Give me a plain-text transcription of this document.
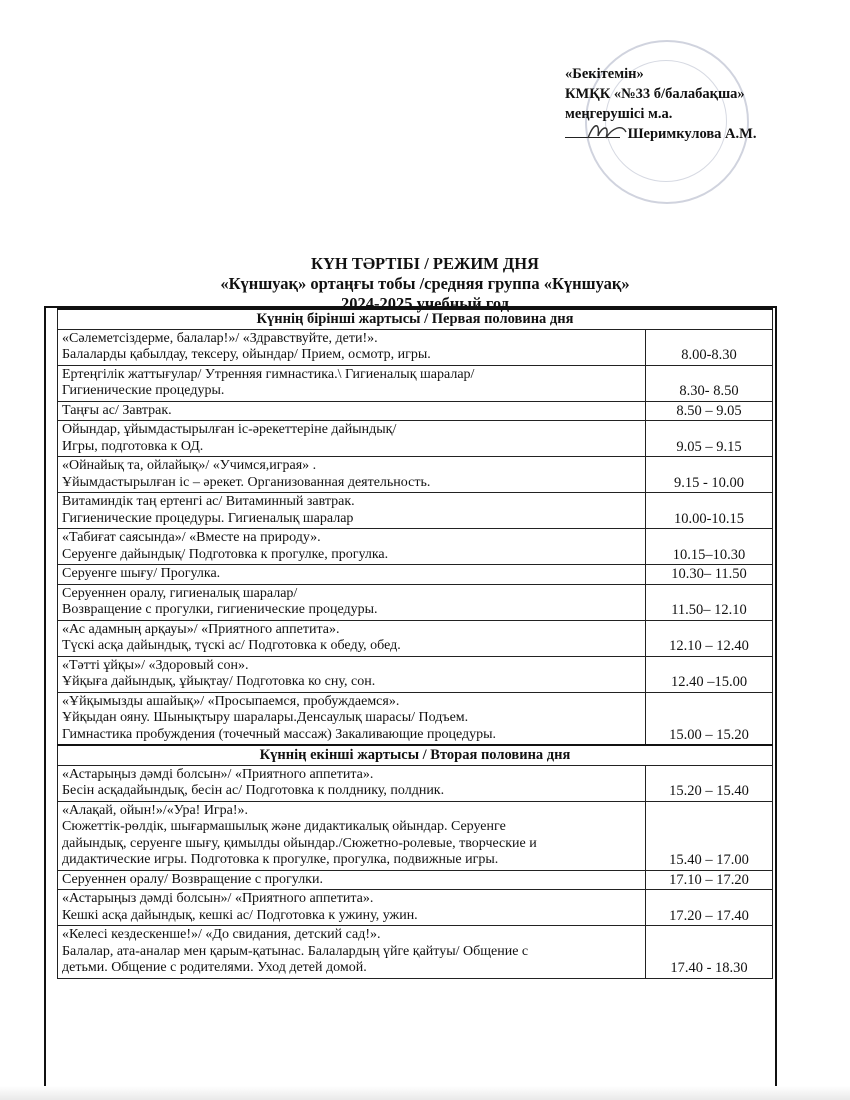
«Бекітемін»
КМҚК «№33 б/балабақша»
меңгерушісі м.а.
Шеримкулова А.М.
КҮН ТӘРТІБІ / РЕЖИМ ДНЯ
«Күншуақ» ортаңғы тобы /средняя группа «Күншуақ»
2024-2025 учебный год
Күннің бірінші жартысы / Первая половина дня	

«Сәлеметсіздерме, балалар!»/ «Здравствуйте, дети!».
Балаларды қабылдау, тексеру, ойындар/ Прием, осмотр, игры.	8.00-8.30

Ертеңгілік жаттығулар/ Утренняя гимнастика.\ Гигиеналық шаралар/
Гигиенические процедуры.	8.30- 8.50

Таңғы ас/ Завтрак.	8.50 – 9.05

Ойындар, ұйымдастырылған іс-әрекеттеріне дайындық/
Игры, подготовка к ОД.	9.05 – 9.15

«Ойнайық та, ойлайық»/ «Учимся,играя» .
Ұйымдастырылған іс – әрекет. Организованная деятельность.	9.15 - 10.00

Витаминдік таң ертенгі ас/ Витаминный завтрак.
Гигиенические процедуры. Гигиеналық шаралар	10.00-10.15

«Табиғат саясында»/ «Вместе на природу».
Серуенге дайындық/ Подготовка к прогулке, прогулка.	10.15–10.30

Серуенге шығу/ Прогулка.	10.30– 11.50

Серуеннен оралу, гигиеналық шаралар/
Возвращение с прогулки, гигиенические процедуры.	11.50– 12.10

«Ас адамның арқауы»/ «Приятного аппетита».
Түскі асқа дайындық, түскі ас/ Подготовка к обеду, обед.	12.10 – 12.40

«Тәтті ұйқы»/ «Здоровый сон».
Ұйқыға дайындық, ұйықтау/ Подготовка ко сну, сон.	12.40 –15.00

«Ұйқымызды ашайық»/ «Просыпаемся, пробуждаемся».
Ұйқыдан ояну. Шынықтыру шаралары.Денсаулық шарасы/ Подъем.
Гимнастика пробуждения (точечный массаж) Закаливающие процедуры.	15.00 – 15.20
Күннің екінші жартысы / Вторая половина дня	

«Астарыңыз дәмді болсын»/ «Приятного аппетита».
Бесін асқадайындық, бесін ас/ Подготовка к полднику, полдник.	15.20 – 15.40

«Алақай, ойын!»/«Ура! Игра!».
Сюжеттік-рөлдік, шығармашылық және дидактикалық ойындар. Серуенге
дайындық, серуенге шығу, қимылды ойындар./Сюжетно-ролевые, творческие и
дидактические игры. Подготовка к прогулке, прогулка, подвижные игры.	15.40 – 17.00

Серуеннен оралу/ Возвращение с прогулки.	17.10 – 17.20

«Астарыңыз дәмді болсын»/ «Приятного аппетита».
Кешкі асқа дайындық, кешкі ас/ Подготовка к ужину, ужин.	17.20 – 17.40

«Келесі кездескенше!»/ «До свидания, детский сад!».
Балалар, ата-аналар мен қарым-қатынас. Балалардың үйге қайтуы/ Общение с
детьми. Общение с родителями. Уход детей домой.	17.40 - 18.30
